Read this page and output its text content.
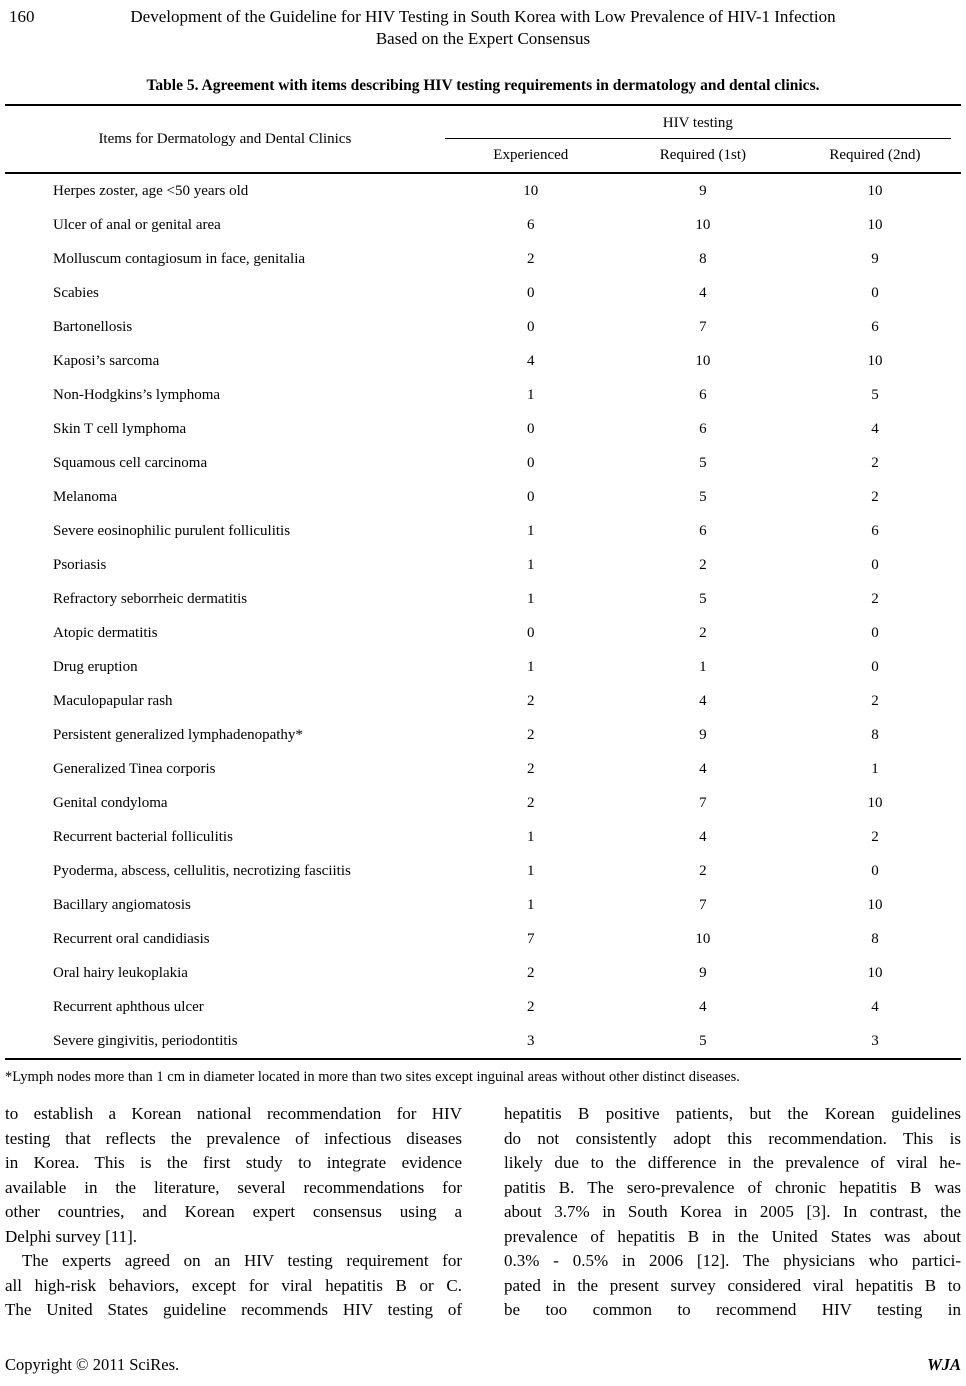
160	Development of the Guideline for HIV Testing in South Korea with Low Prevalence of HIV-1 Infection
Based on the Expert Consensus
Table 5. Agreement with items describing HIV testing requirements in dermatology and dental clinics.
Items for Dermatology and Dental Clinics	HIV testing		

	Experienced	Required (1st)	Required (2nd)
Herpes zoster, age <50 years old	10	9	10
Ulcer of anal or genital area	6	10	10
Molluscum contagiosum in face, genitalia	2	8	9
Scabies	0	4	0
Bartonellosis	0	7	6
Kaposi’s sarcoma	4	10	10
Non-Hodgkins’s lymphoma	1	6	5
Skin T cell lymphoma	0	6	4
Squamous cell carcinoma	0	5	2
Melanoma	0	5	2
Severe eosinophilic purulent folliculitis	1	6	6
Psoriasis	1	2	0
Refractory seborrheic dermatitis	1	5	2
Atopic dermatitis	0	2	0
Drug eruption	1	1	0
Maculopapular rash	2	4	2
Persistent generalized lymphadenopathy*	2	9	8
Generalized Tinea corporis	2	4	1
Genital condyloma	2	7	10
Recurrent bacterial folliculitis	1	4	2
Pyoderma, abscess, cellulitis, necrotizing fasciitis	1	2	0
Bacillary angiomatosis	1	7	10
Recurrent oral candidiasis	7	10	8
Oral hairy leukoplakia	2	9	10
Recurrent aphthous ulcer	2	4	4
Severe gingivitis, periodontitis	3	5	3
*Lymph nodes more than 1 cm in diameter located in more than two sites except inguinal areas without other distinct diseases.
to establish a Korean national recommendation for HIV
testing that reflects the prevalence of infectious diseases
in Korea. This is the first study to integrate evidence
available in the literature, several recommendations for
other countries, and Korean expert consensus using a
Delphi survey [11].
The experts agreed on an HIV testing requirement for
all high-risk behaviors, except for viral hepatitis B or C.
The United States guideline recommends HIV testing of
hepatitis B positive patients, but the Korean guidelines
do not consistently adopt this recommendation. This is
likely due to the difference in the prevalence of viral he-
patitis B. The sero-prevalence of chronic hepatitis B was
about 3.7% in South Korea in 2005 [3]. In contrast, the
prevalence of hepatitis B in the United States was about
0.3% - 0.5% in 2006 [12]. The physicians who partici-
pated in the present survey considered viral hepatitis B to
be too common to recommend HIV testing in
Copyright © 2011 SciRes.	WJA
